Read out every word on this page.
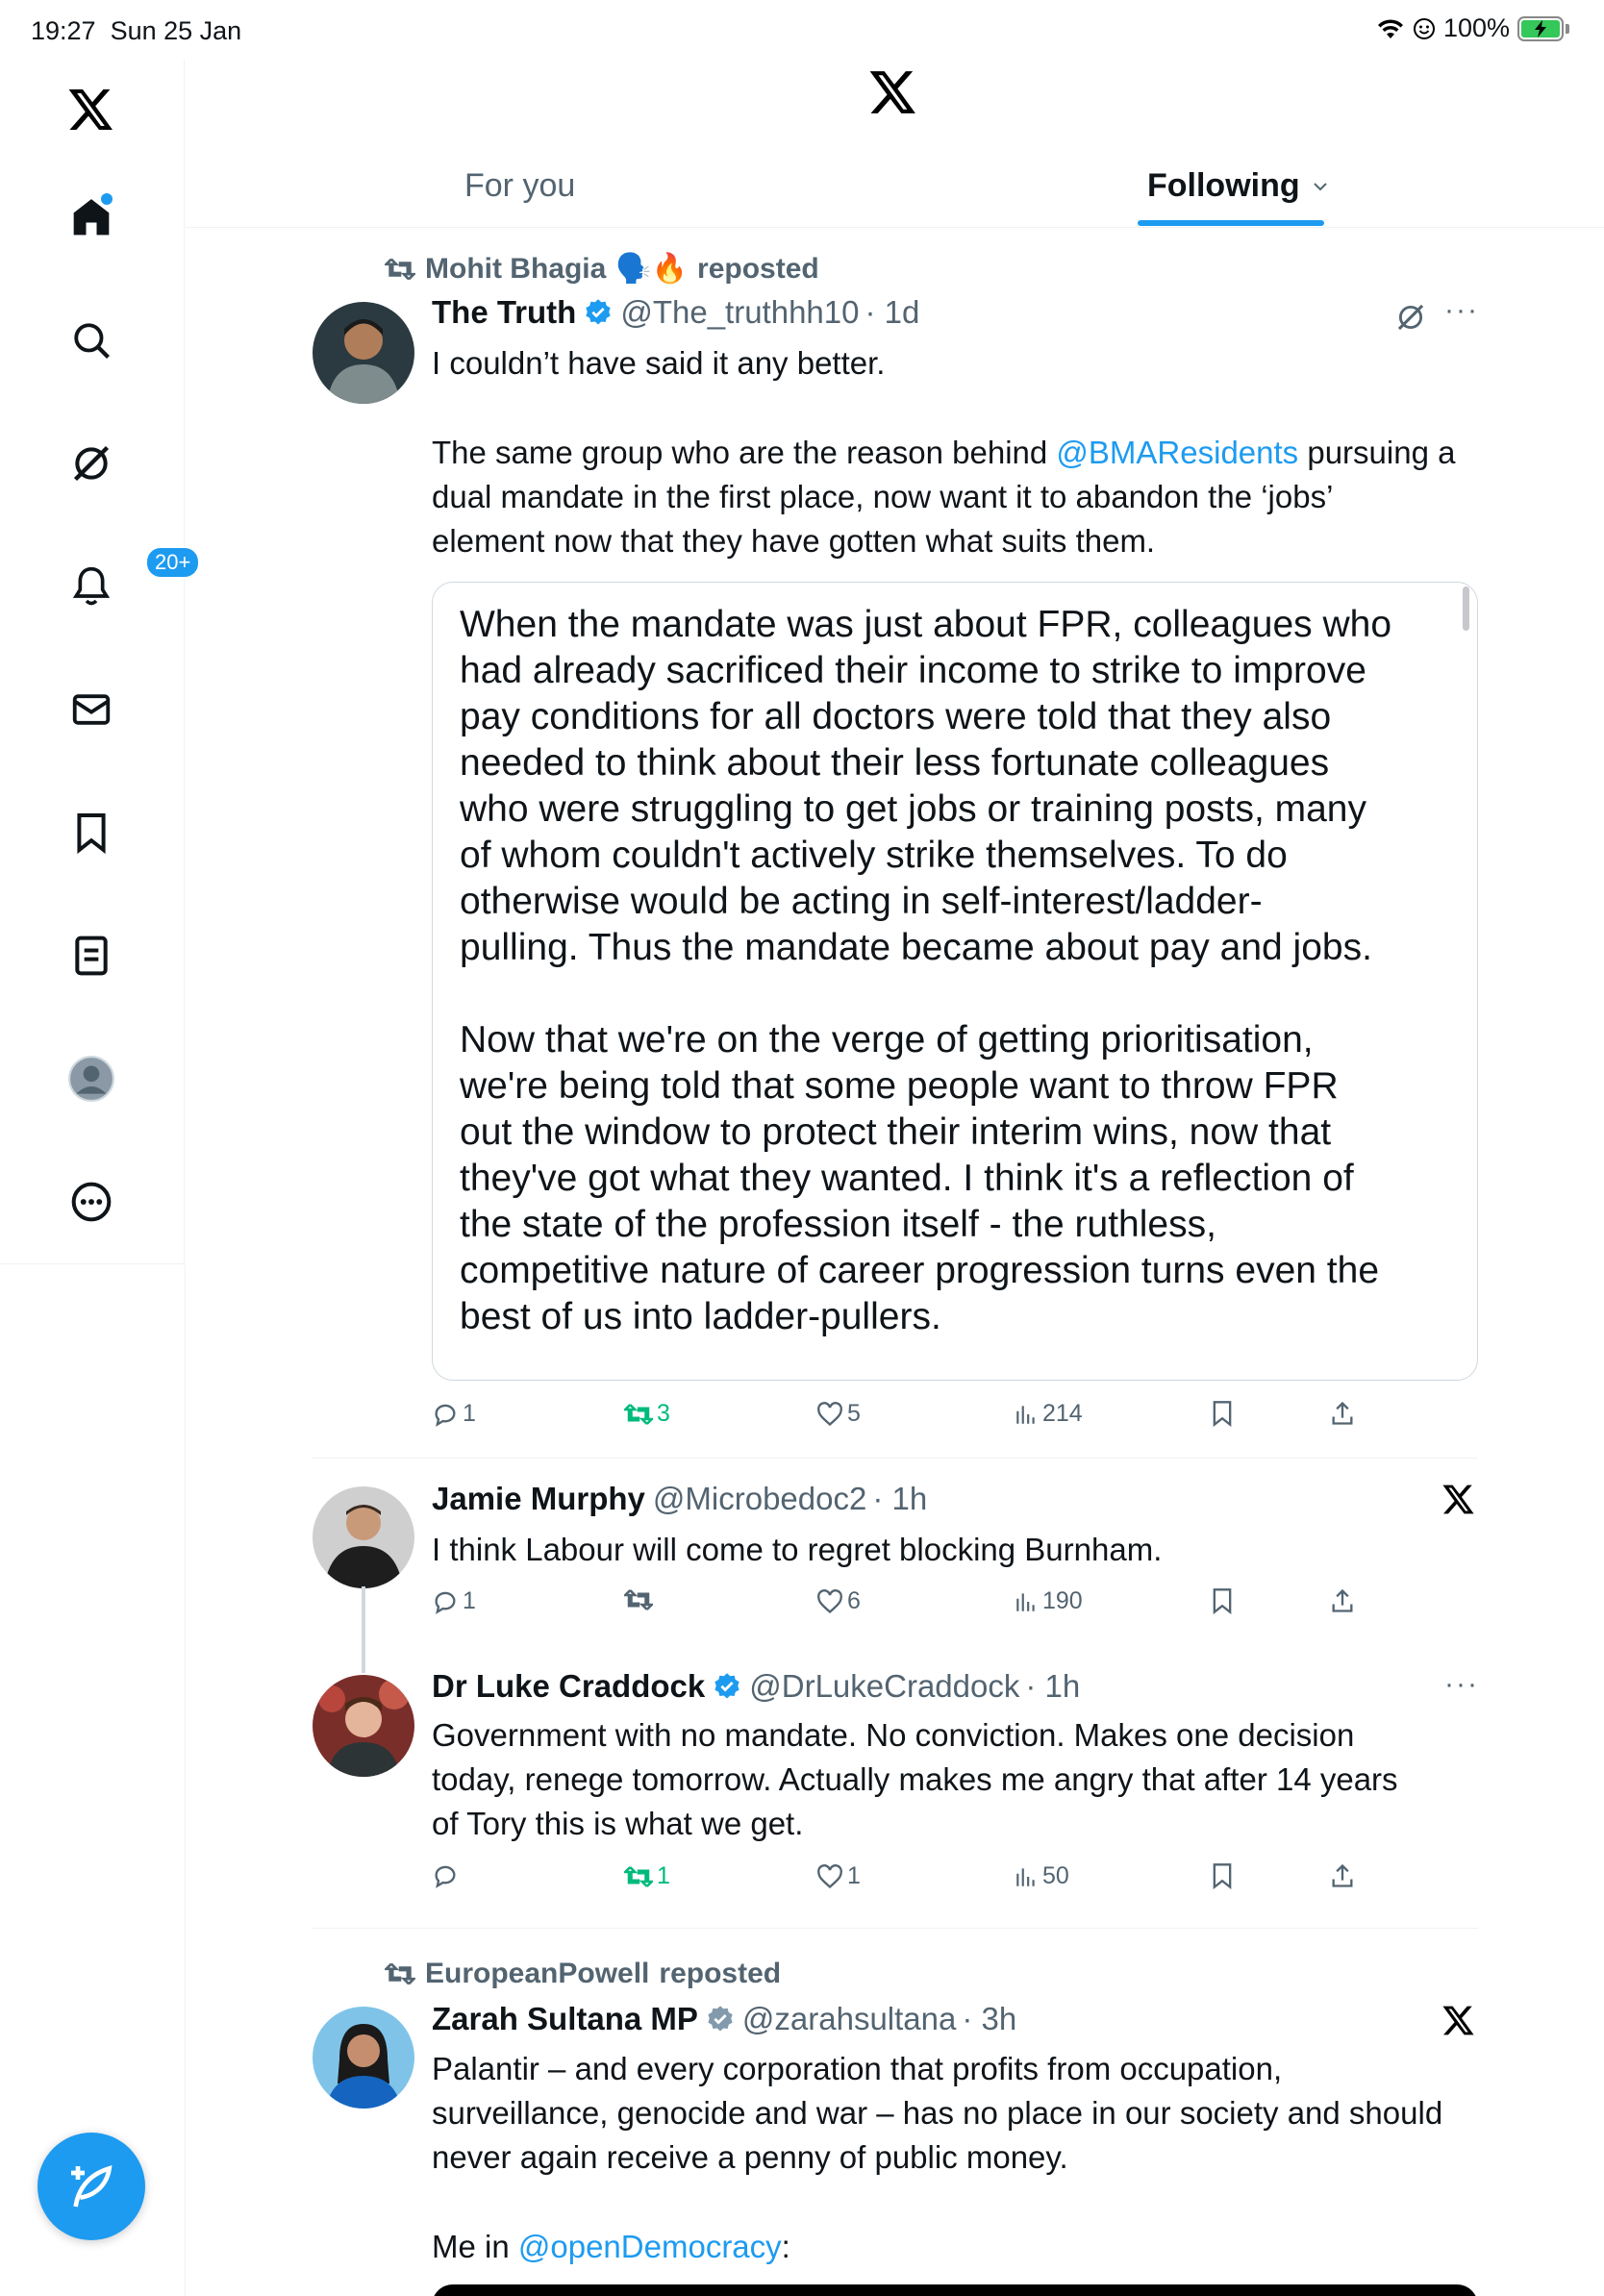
19:27 Sun 25 Jan	100%
20+
For you	Following
Mohit Bhagia 🗣️🔥 reposted
The Truth @The_truthhh10 · 1d	···
I couldn’t have said it any better.
The same group who are the reason behind @BMAResidents pursuing a
dual mandate in the first place, now want it to abandon the ‘jobs’
element now that they have gotten what suits them.
When the mandate was just about FPR, colleagues who
had already sacrificed their income to strike to improve
pay conditions for all doctors were told that they also
needed to think about their less fortunate colleagues
who were struggling to get jobs or training posts, many
of whom couldn't actively strike themselves. To do
otherwise would be acting in self-interest/ladder-
pulling. Thus the mandate became about pay and jobs.

Now that we're on the verge of getting prioritisation,
we're being told that some people want to throw FPR
out the window to protect their interim wins, now that
they've got what they wanted. I think it's a reflection of
the state of the profession itself - the ruthless,
competitive nature of career progression turns even the
best of us into ladder-pullers.
1	3	5	214
Jamie Murphy @Microbedoc2 · 1h
I think Labour will come to regret blocking Burnham.
1	6	190
Dr Luke Craddock @DrLukeCraddock · 1h	···
Government with no mandate. No conviction. Makes one decision
today, renege tomorrow. Actually makes me angry that after 14 years
of Tory this is what we get.
1	1	50
EuropeanPowell reposted
Zarah Sultana MP @zarahsultana · 3h
Palantir – and every corporation that profits from occupation,
surveillance, genocide and war – has no place in our society and should
never again receive a penny of public money.
Me in @openDemocracy:
